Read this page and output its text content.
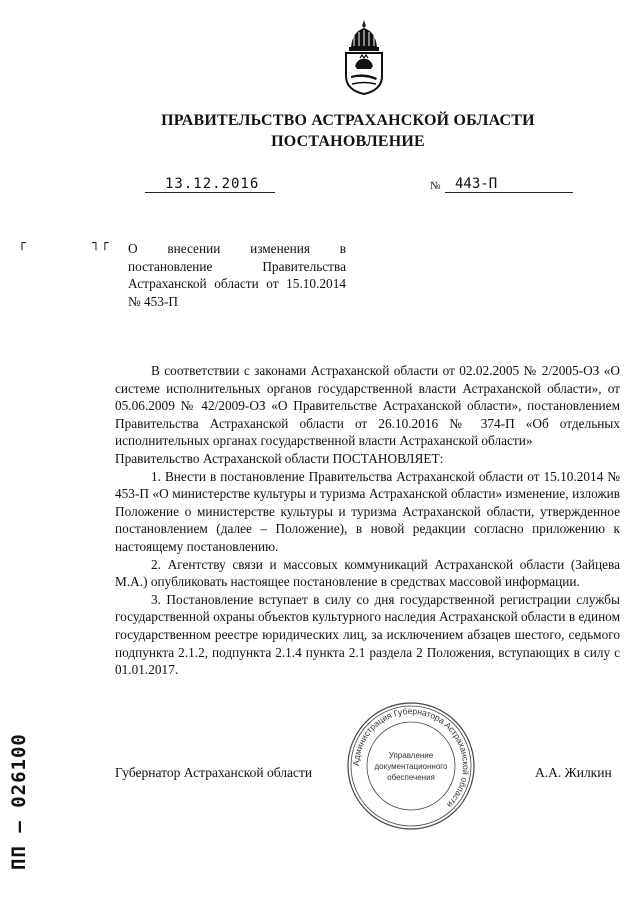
ПРАВИТЕЛЬСТВО АСТРАХАНСКОЙ ОБЛАСТИ
ПОСТАНОВЛЕНИЕ
13.12.2016	№ 443-П
┌	┐┌ О внесении изменения в постановление Правительства Астраханской области от 15.10.2014 № 453-П

В соответствии с законами Астраханской области от 02.02.2005 № 2/2005-ОЗ «О системе исполнительных органов государственной власти Астраханской области», от 05.06.2009 № 42/2009-ОЗ «О Правительстве Астраханской области», постановлением Правительства Астраханской области от 26.10.2016 № 374-П «Об отдельных исполнительных органах государственной власти Астраханской области»

Правительство Астраханской области ПОСТАНОВЛЯЕТ:

1. Внести в постановление Правительства Астраханской области от 15.10.2014 № 453-П «О министерстве культуры и туризма Астраханской области» изменение, изложив Положение о министерстве культуры и туризма Астраханской области, утвержденное постановлением (далее – Положение), в новой редакции согласно приложению к настоящему постановлению.

2. Агентству связи и массовых коммуникаций Астраханской области (Зайцева М.А.) опубликовать настоящее постановление в средствах массовой информации.

3. Постановление вступает в силу со дня государственной регистрации службы государственной охраны объектов культурного наследия Астраханской области в едином государственном реестре юридических лиц, за исключением абзацев шестого, седьмого подпункта 2.1.2, подпункта 2.1.4 пункта 2.1 раздела 2 Положения, вступающих в силу с 01.01.2017.

Администрация Губернатора Астраханской области
Управление
документационного
обеспечения
Губернатор Астраханской области	А.А. Жилкин
ПП – 026100
